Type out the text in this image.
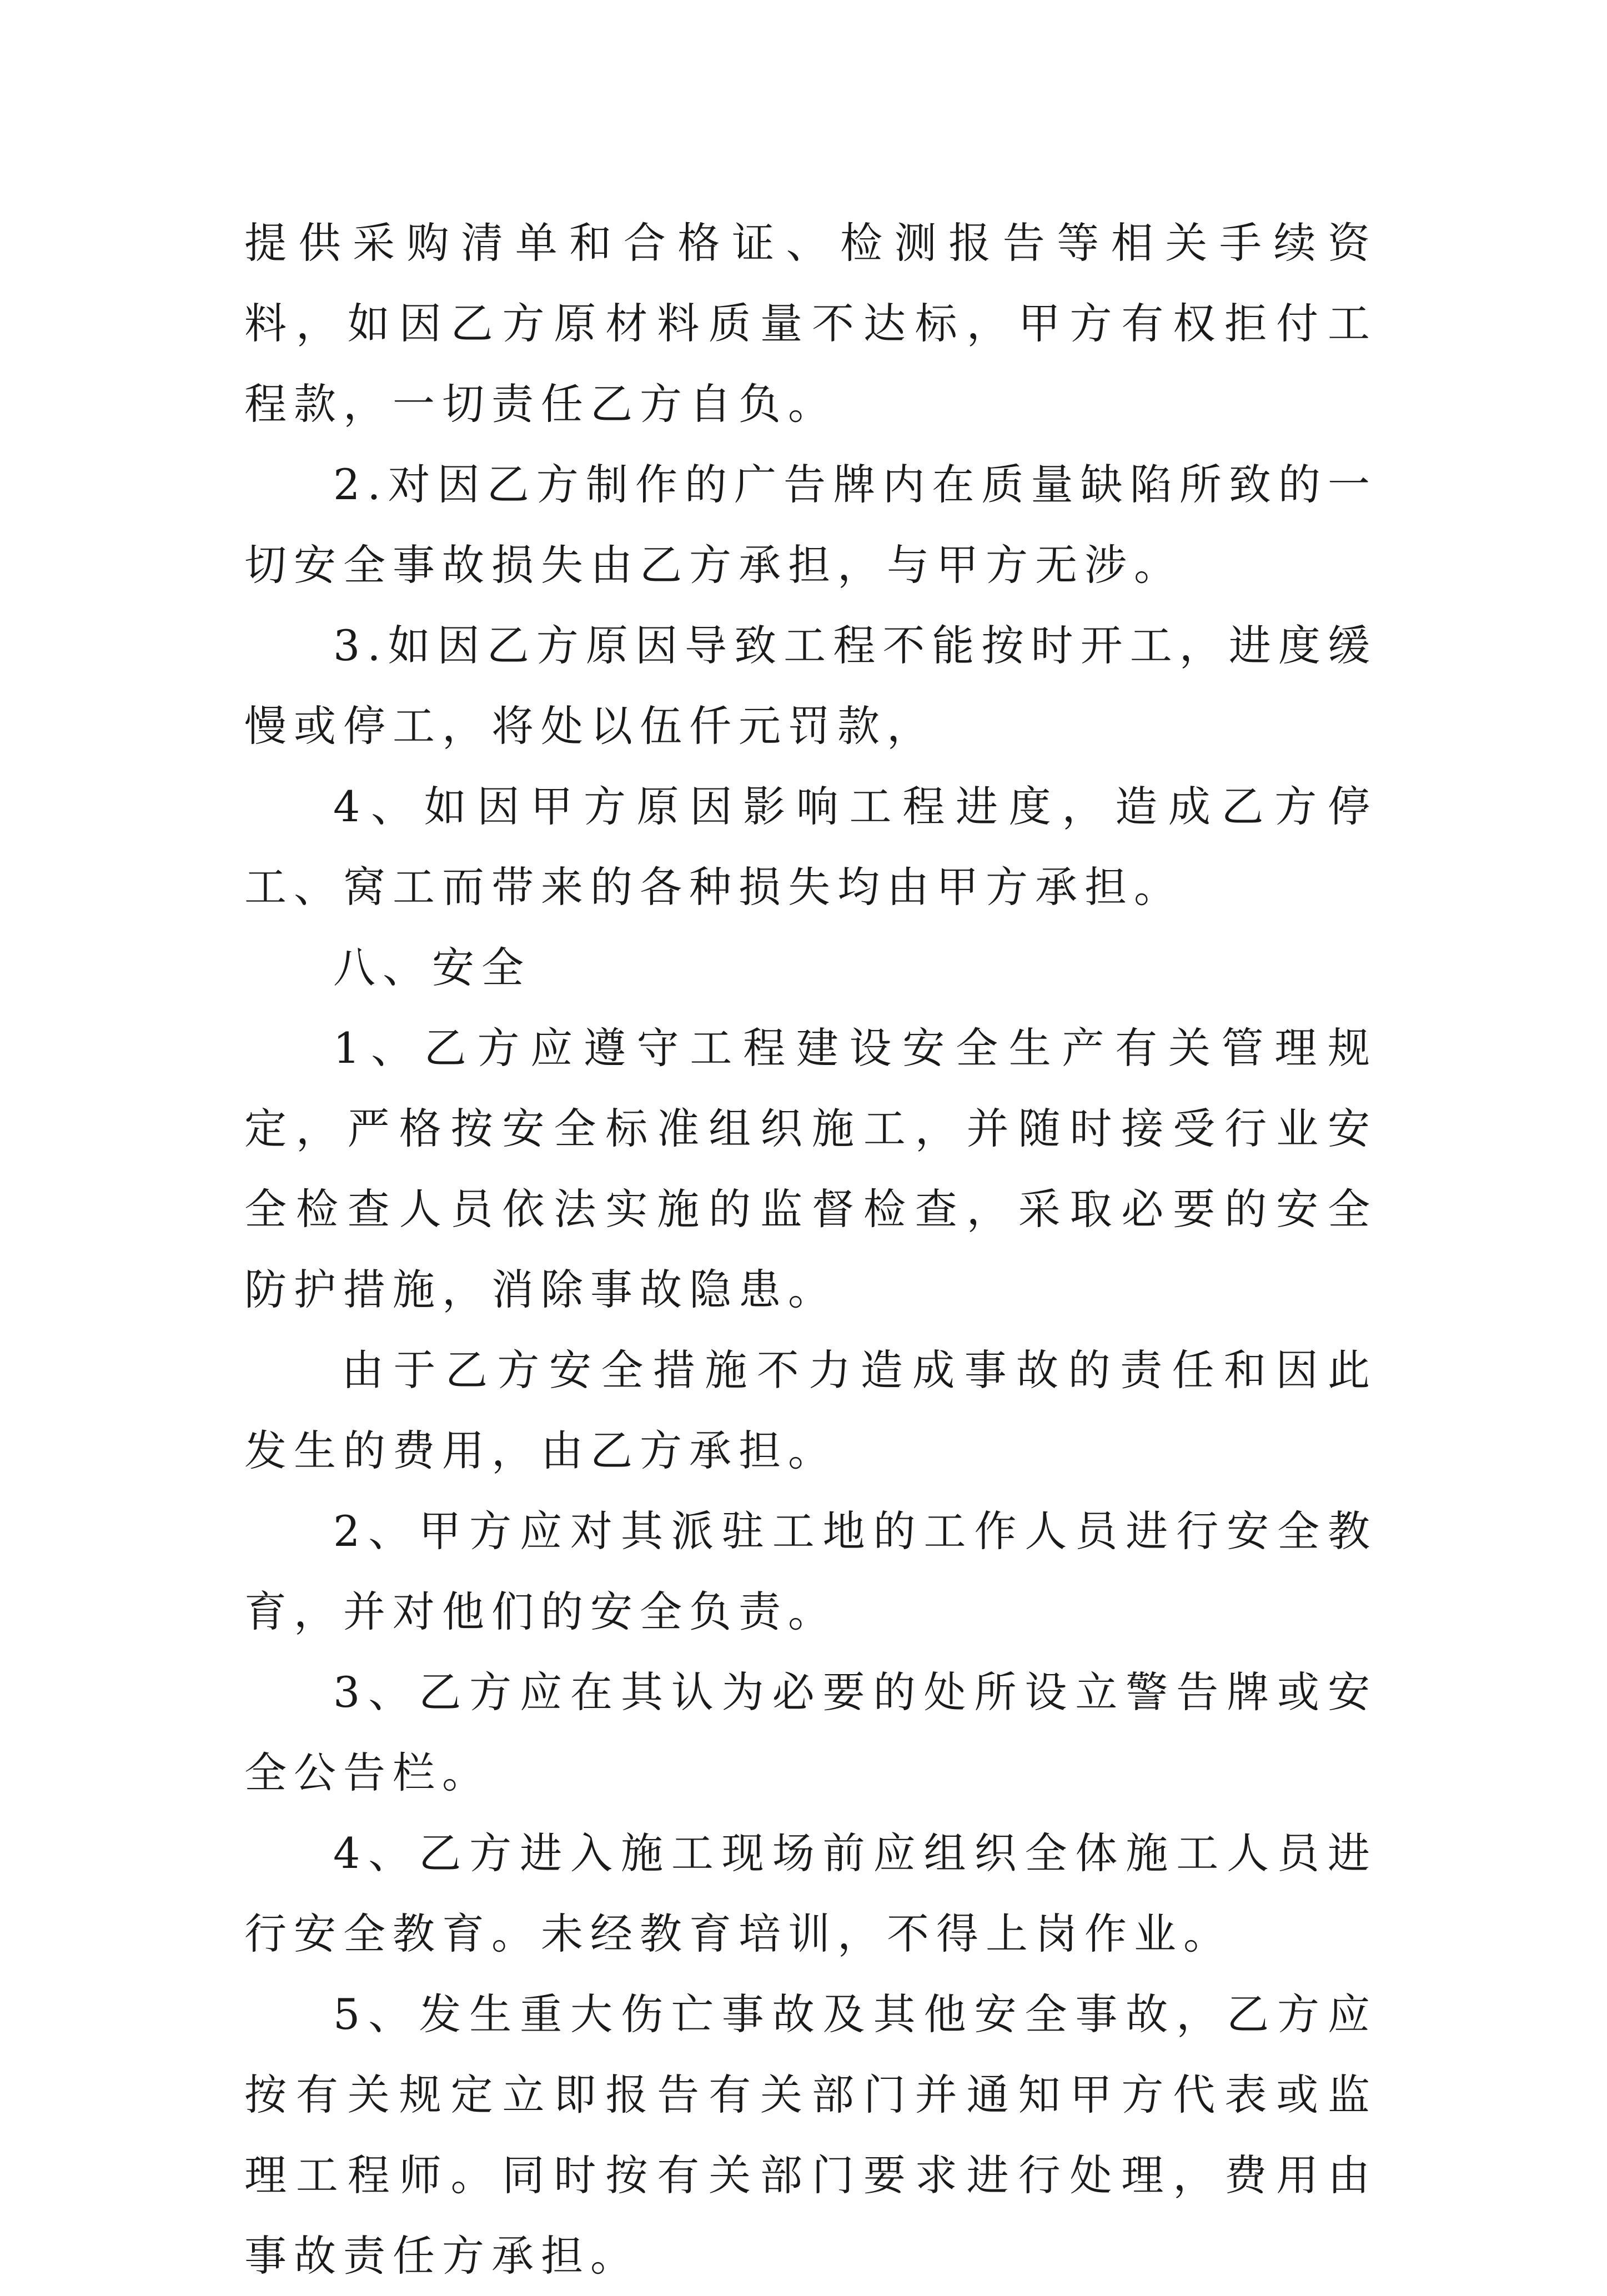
提供采购清单和合格证、检测报告等相关手续资料，如因乙方原材料质量不达标，甲方有权拒付工程款，一切责任乙方自负。

2.对因乙方制作的广告牌内在质量缺陷所致的一切安全事故损失由乙方承担，与甲方无涉。

3.如因乙方原因导致工程不能按时开工，进度缓慢或停工，将处以伍仟元罚款，

4、如因甲方原因影响工程进度，造成乙方停工、窝工而带来的各种损失均由甲方承担。

八、安全

1、乙方应遵守工程建设安全生产有关管理规定，严格按安全标准组织施工，并随时接受行业安全检查人员依法实施的监督检查，采取必要的安全防护措施，消除事故隐患。

由于乙方安全措施不力造成事故的责任和因此发生的费用，由乙方承担。

2、甲方应对其派驻工地的工作人员进行安全教育，并对他们的安全负责。

3、乙方应在其认为必要的处所设立警告牌或安全公告栏。

4、乙方进入施工现场前应组织全体施工人员进行安全教育。未经教育培训，不得上岗作业。

5、发生重大伤亡事故及其他安全事故，乙方应按有关规定立即报告有关部门并通知甲方代表或监理工程师。同时按有关部门要求进行处理，费用由事故责任方承担。
